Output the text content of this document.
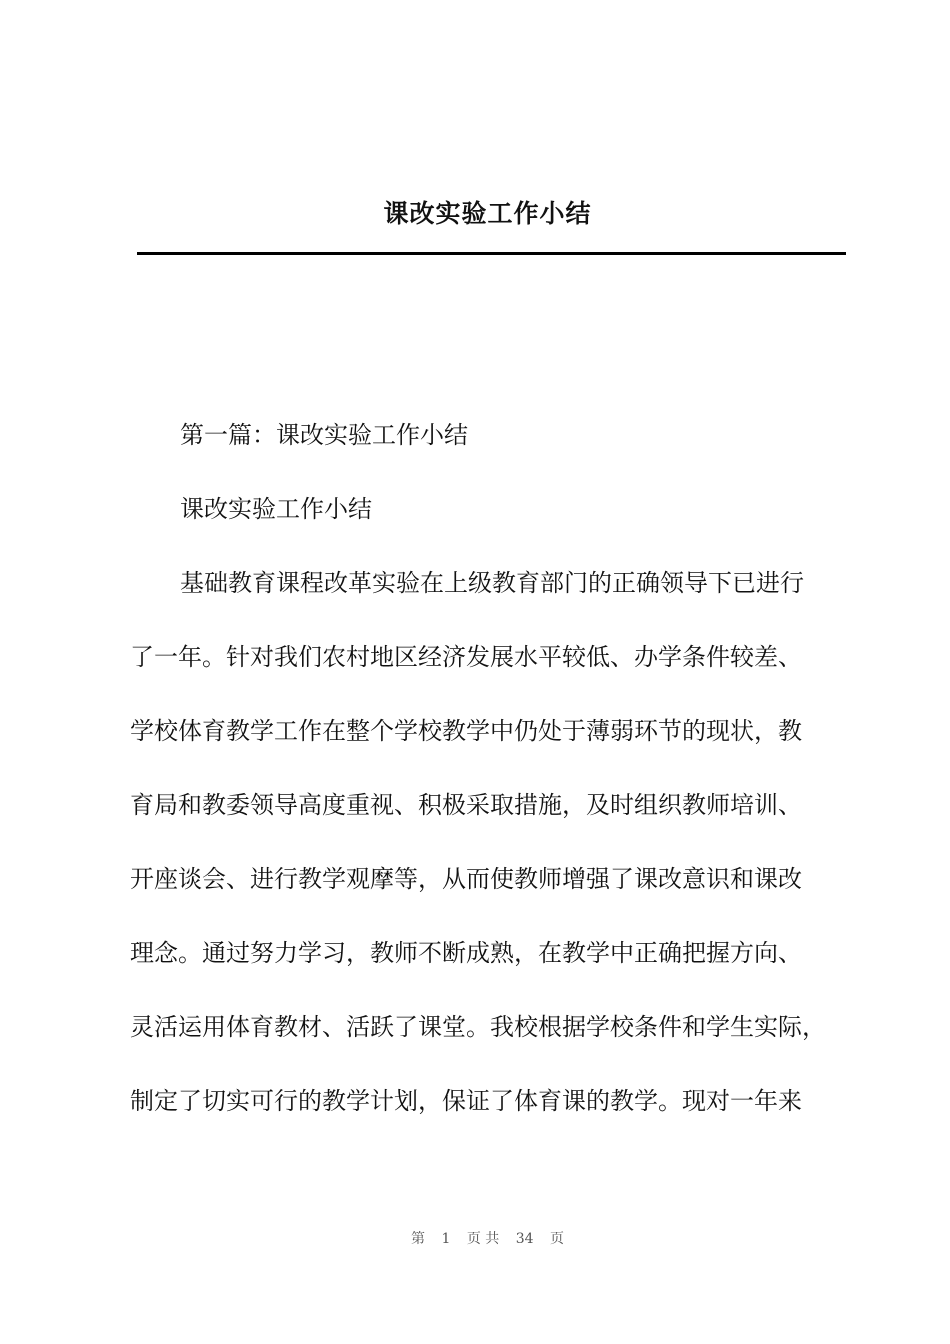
课改实验工作小结
第一篇：课改实验工作小结
课改实验工作小结
基础教育课程改革实验在上级教育部门的正确领导下已进行
了一年。针对我们农村地区经济发展水平较低、办学条件较差、
学校体育教学工作在整个学校教学中仍处于薄弱环节的现状，教
育局和教委领导高度重视、积极采取措施，及时组织教师培训、
开座谈会、进行教学观摩等，从而使教师增强了课改意识和课改
理念。通过努力学习，教师不断成熟，在教学中正确把握方向、
灵活运用体育教材、活跃了课堂。我校根据学校条件和学生实际，
制定了切实可行的教学计划，保证了体育课的教学。现对一年来
第 1 页 共 34 页
